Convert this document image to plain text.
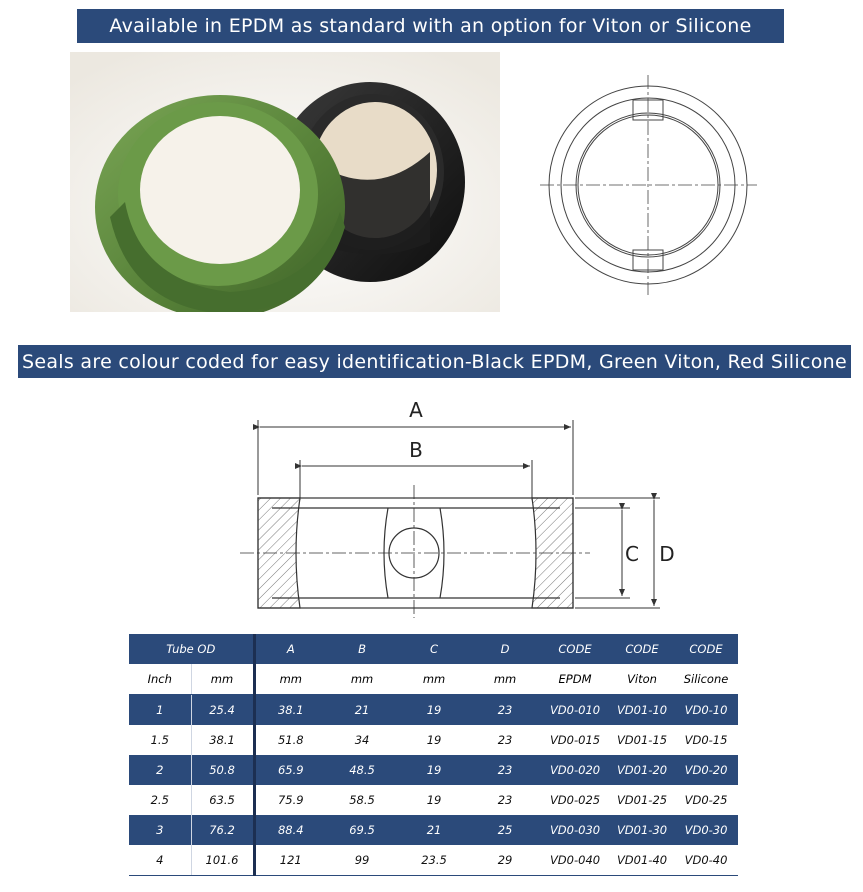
Available in EPDM as standard with an option for Viton or Silicone
Seals are colour coded for easy identification-Black EPDM, Green Viton, Red Silicone
A
B
C D
Tube OD		A	B	C	D	CODE	CODE	CODE
Inch	mm	mm	mm	mm	mm	EPDM	Viton	Silicone
1	25.4	38.1	21	19	23	VD0-010	VD01-10	VD0-10
1.5	38.1	51.8	34	19	23	VD0-015	VD01-15	VD0-15
2	50.8	65.9	48.5	19	23	VD0-020	VD01-20	VD0-20
2.5	63.5	75.9	58.5	19	23	VD0-025	VD01-25	VD0-25
3	76.2	88.4	69.5	21	25	VD0-030	VD01-30	VD0-30
4	101.6	121	99	23.5	29	VD0-040	VD01-40	VD0-40
